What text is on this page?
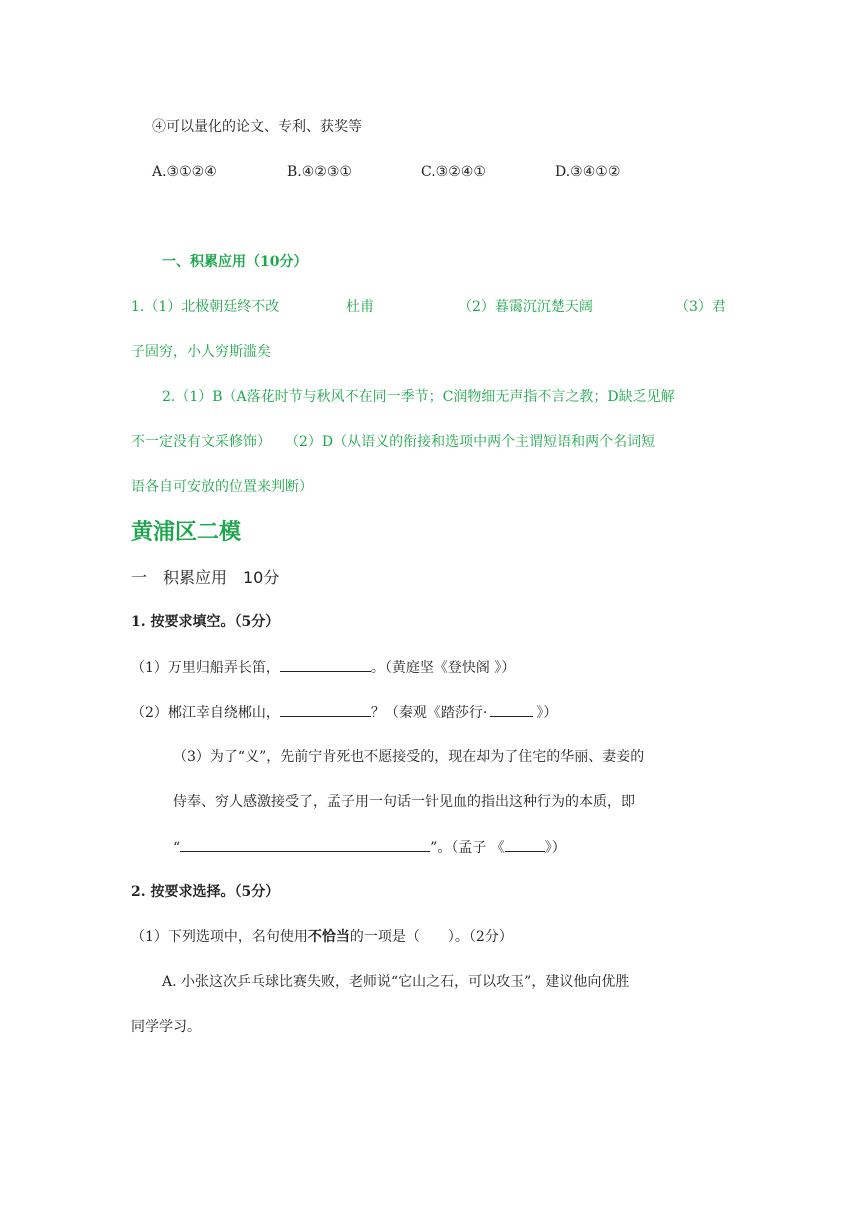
④可以量化的论文、专利、获奖等
A.③①②④	B.④②③①	C.③②④①	D.③④①②
一、积累应用（10分）
1.（1）北极朝廷终不改	杜甫	（2）暮霭沉沉楚天阔	（3）君
子固穷，小人穷斯滥矣
2.（1）B（A落花时节与秋风不在同一季节；C润物细无声指不言之教；D缺乏见解
不一定没有文采修饰）　　（2）D（从语义的衔接和选项中两个主谓短语和两个名词短
语各自可安放的位置来判断）
黄浦区二模
一　积累应用　10分
1. 按要求填空。（5分）
（1）万里归船弄长笛，	。（黄庭坚《登快阁 》）
（2）郴江幸自绕郴山，	？（秦观《踏莎行·	》）
（3）为了“义”，先前宁肯死也不愿接受的，现在却为了住宅的华丽、妻妾的
侍奉、穷人感激接受了，孟子用一句话一针见血的指出这种行为的本质，即
“	”。（孟子 《	》）
2. 按要求选择。（5分）
（1）下列选项中，名句使用不恰当的一项是（　　）。（2分）
A. 小张这次乒乓球比赛失败，老师说“它山之石，可以攻玉”，建议他向优胜
同学学习。
